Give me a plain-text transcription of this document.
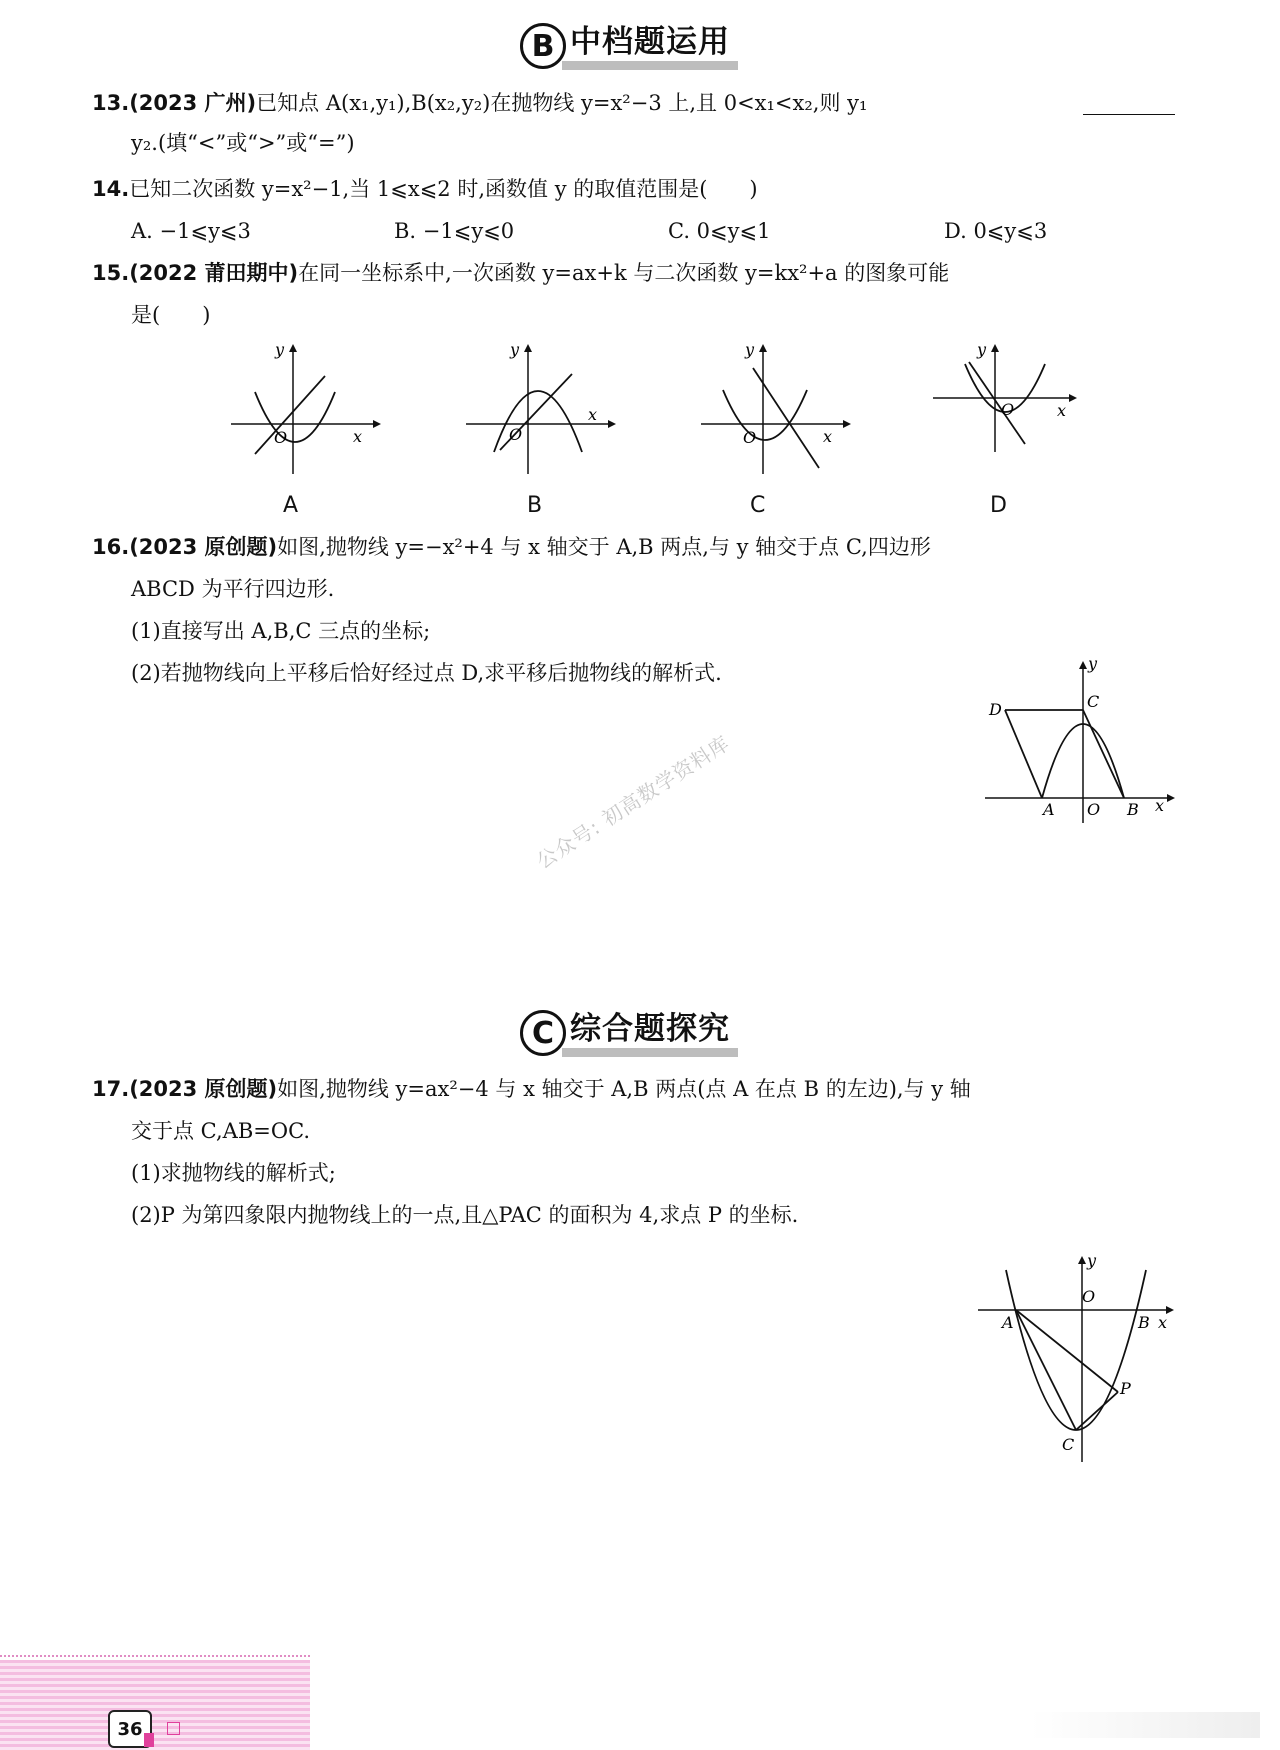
B 中档题运用
13.(2023 广州)已知点 A(x₁,y₁),B(x₂,y₂)在抛物线 y=x²−3 上,且 0<x₁<x₂,则 y₁
y₂.(填“<”或“>”或“=”)
14.已知二次函数 y=x²−1,当 1⩽x⩽2 时,函数值 y 的取值范围是(　　)
A. −1⩽y⩽3	B. −1⩽y⩽0	C. 0⩽y⩽1	D. 0⩽y⩽3
15.(2022 莆田期中)在同一坐标系中,一次函数 y=ax+k 与二次函数 y=kx²+a 的图象可能
是(　　)
y
x
O
A
y
x
O
B
y
x
O
C
y
x
O
D
16.(2023 原创题)如图,抛物线 y=−x²+4 与 x 轴交于 A,B 两点,与 y 轴交于点 C,四边形
ABCD 为平行四边形.
(1)直接写出 A,B,C 三点的坐标;
(2)若抛物线向上平移后恰好经过点 D,求平移后抛物线的解析式.	y
D	C
A O B x
公众号: 初高数学资料库
C 综合题探究
17.(2023 原创题)如图,抛物线 y=ax²−4 与 x 轴交于 A,B 两点(点 A 在点 B 的左边),与 y 轴
交于点 C,AB=OC.
(1)求抛物线的解析式;
(2)P 为第四象限内抛物线上的一点,且△PAC 的面积为 4,求点 P 的坐标.
y
O
A	B x
P
C
36
